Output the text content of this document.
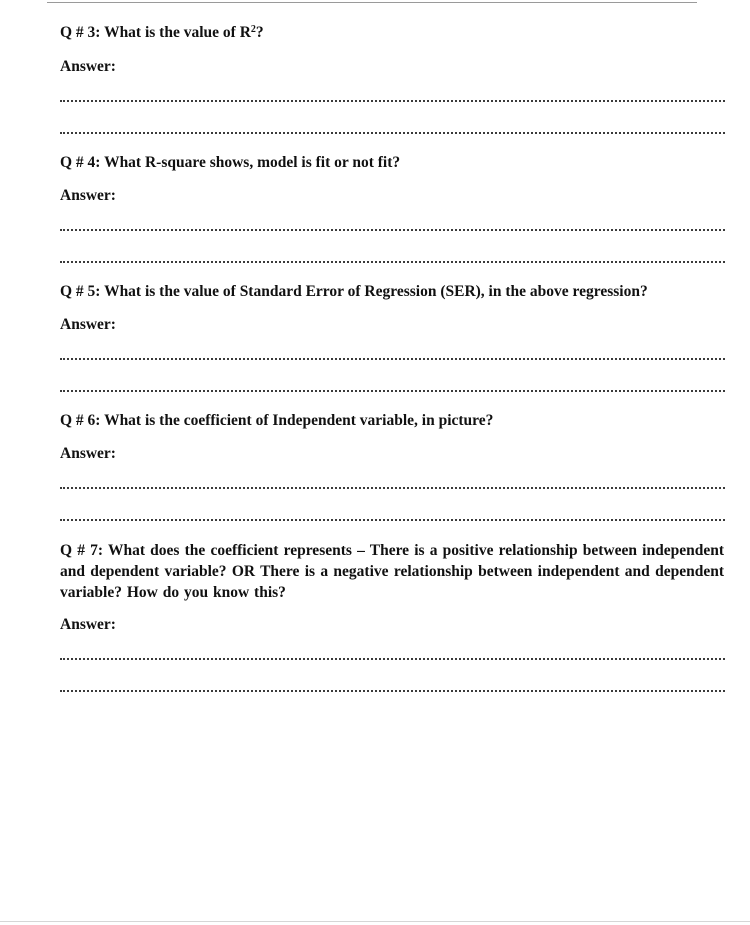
Q # 3: What is the value of $R^2$?

Answer:

Q # 4: What R-square shows, model is fit or not fit?

Answer:

Q # 5: What is the value of Standard Error of Regression (SER), in the above regression?

Answer:

Q # 6: What is the coefficient of Independent variable, in picture?

Answer:

Q # 7: What does the coefficient represents – There is a positive relationship between independent and dependent variable? OR There is a negative relationship between independent and dependent variable? How do you know this?

Answer:
